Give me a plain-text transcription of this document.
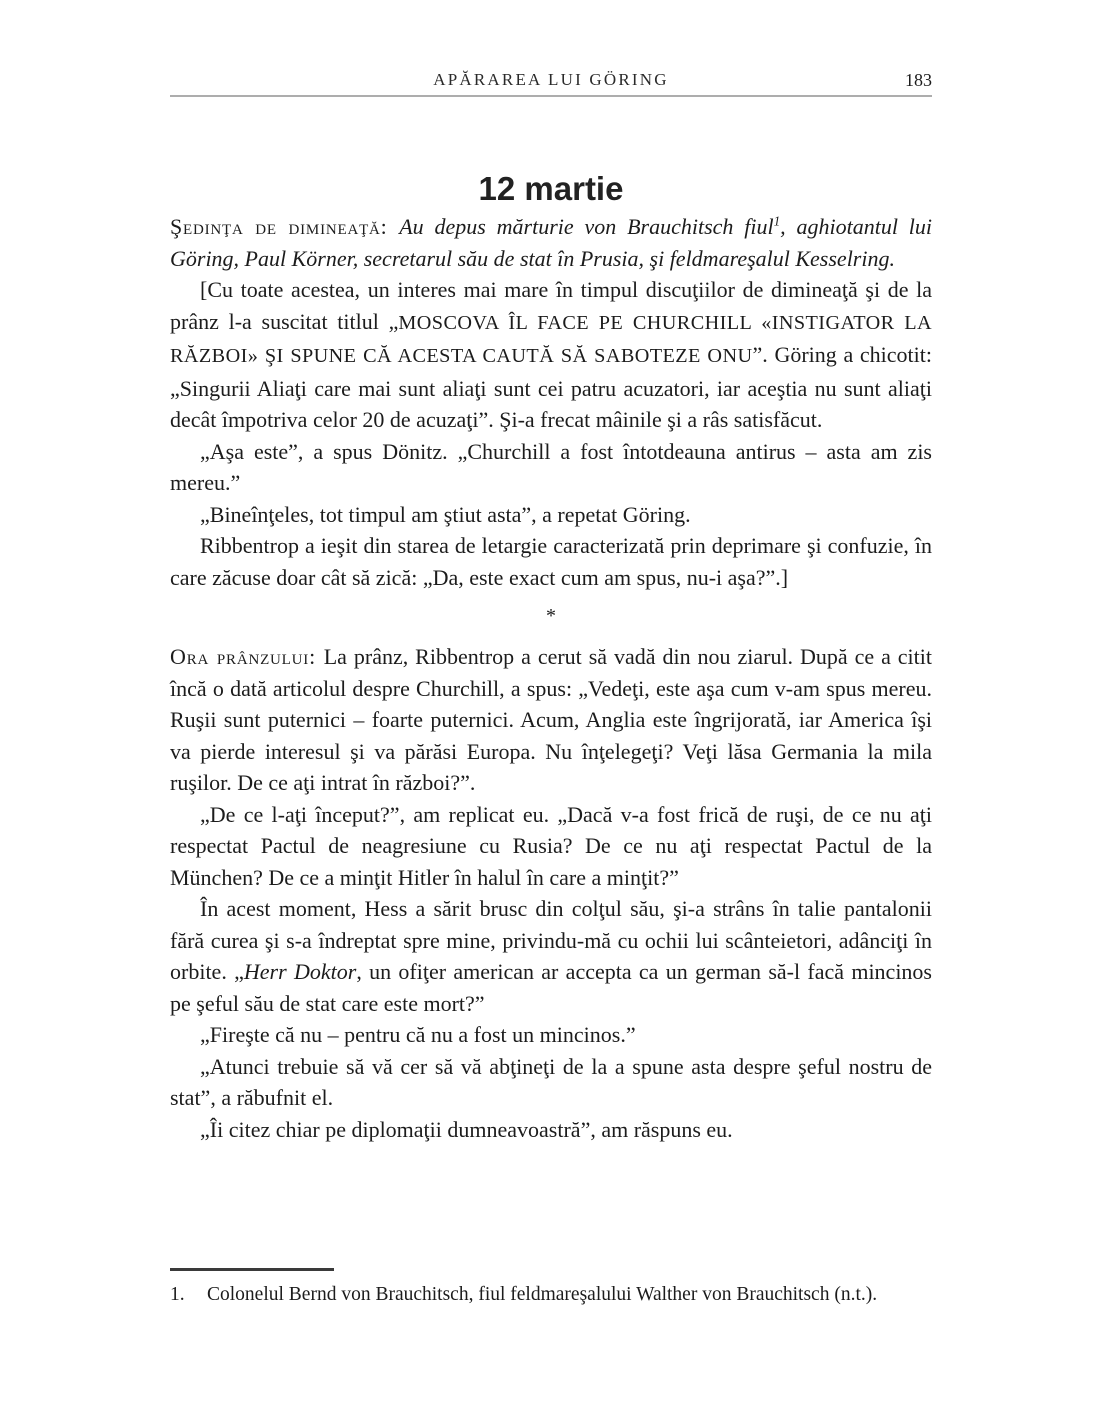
APĂRAREA LUI GÖRING	183
12 martie

Şedinţa de dimineaţă: Au depus mărturie von Brauchitsch fiul$^1$, aghiotantul lui Göring, Paul Körner, secretarul său de stat în Prusia, şi feldmareşalul Kesselring.

[Cu toate acestea, un interes mai mare în timpul discuţiilor de dimineaţă şi de la prânz l-a suscitat titlul „MOSCOVA ÎL FACE PE CHURCHILL «INSTIGATOR LA RĂZBOI» ŞI SPUNE CĂ ACESTA CAUTĂ SĂ SABOTEZE ONU”. Göring a chicotit: „Singurii Aliaţi care mai sunt aliaţi sunt cei patru acuzatori, iar aceştia nu sunt aliaţi decât împotriva celor 20 de acuzaţi”. Şi-a frecat mâinile şi a râs satisfăcut.

„Aşa este”, a spus Dönitz. „Churchill a fost întotdeauna antirus – asta am zis mereu.”

„Bineînţeles, tot timpul am ştiut asta”, a repetat Göring.

Ribbentrop a ieşit din starea de letargie caracterizată prin deprimare şi confuzie, în care zăcuse doar cât să zică: „Da, este exact cum am spus, nu-i aşa?”.]

*

Ora prânzului: La prânz, Ribbentrop a cerut să vadă din nou ziarul. După ce a citit încă o dată articolul despre Churchill, a spus: „Vedeţi, este aşa cum v-am spus mereu. Ruşii sunt puternici – foarte puternici. Acum, Anglia este îngrijorată, iar America îşi va pierde interesul şi va părăsi Europa. Nu înţelegeţi? Veţi lăsa Germania la mila ruşilor. De ce aţi intrat în război?”.

„De ce l-aţi început?”, am replicat eu. „Dacă v-a fost frică de ruşi, de ce nu aţi respectat Pactul de neagresiune cu Rusia? De ce nu aţi respectat Pactul de la München? De ce a minţit Hitler în halul în care a minţit?”

În acest moment, Hess a sărit brusc din colţul său, şi-a strâns în talie pantalonii fără curea şi s-a îndreptat spre mine, privindu-mă cu ochii lui scânteietori, adânciţi în orbite. „Herr Doktor, un ofiţer american ar accepta ca un german să-l facă mincinos pe şeful său de stat care este mort?”

„Fireşte că nu – pentru că nu a fost un mincinos.”

„Atunci trebuie să vă cer să vă abţineţi de la a spune asta despre şeful nostru de stat”, a răbufnit el.

„Îi citez chiar pe diplomaţii dumneavoastră”, am răspuns eu.

1. Colonelul Bernd von Brauchitsch, fiul feldmareşalului Walther von Brauchitsch (n.t.).
